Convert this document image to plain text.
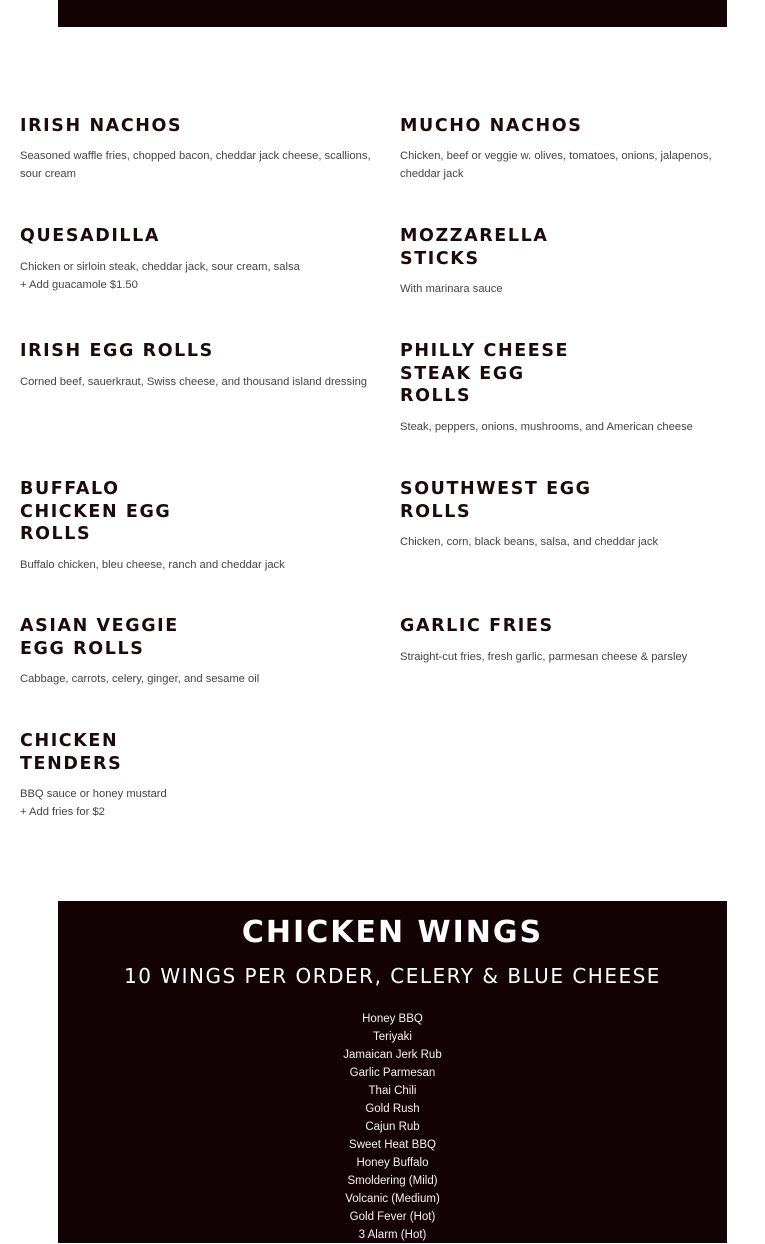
IRISH NACHOS

Seasoned waffle fries, chopped bacon, cheddar jack cheese, scallions, sour cream

MUCHO NACHOS

Chicken, beef or veggie w. olives, tomatoes, onions, jalapenos, cheddar jack

QUESADILLA

Chicken or sirloin steak, cheddar jack, sour cream, salsa

+ Add guacamole $1.50

MOZZARELLA STICKS

With marinara sauce

IRISH EGG ROLLS

Corned beef, sauerkraut, Swiss cheese, and thousand island dressing

PHILLY CHEESE STEAK EGG ROLLS

Steak, peppers, onions, mushrooms, and American cheese

BUFFALO CHICKEN EGG ROLLS

Buffalo chicken, bleu cheese, ranch and cheddar jack

SOUTHWEST EGG ROLLS

Chicken, corn, black beans, salsa, and cheddar jack

ASIAN VEGGIE EGG ROLLS

Cabbage, carrots, celery, ginger, and sesame oil

GARLIC FRIES

Straight-cut fries, fresh garlic, parmesan cheese & parsley

CHICKEN TENDERS

BBQ sauce or honey mustard

+ Add fries for $2

CHICKEN WINGS

10 WINGS PER ORDER, CELERY & BLUE CHEESE

Honey BBQ
Teriyaki
Jamaican Jerk Rub
Garlic Parmesan
Thai Chili
Gold Rush
Cajun Rub
Sweet Heat BBQ
Honey Buffalo
Smoldering (Mild)
Volcanic (Medium)
Gold Fever (Hot)
3 Alarm (Hot)
